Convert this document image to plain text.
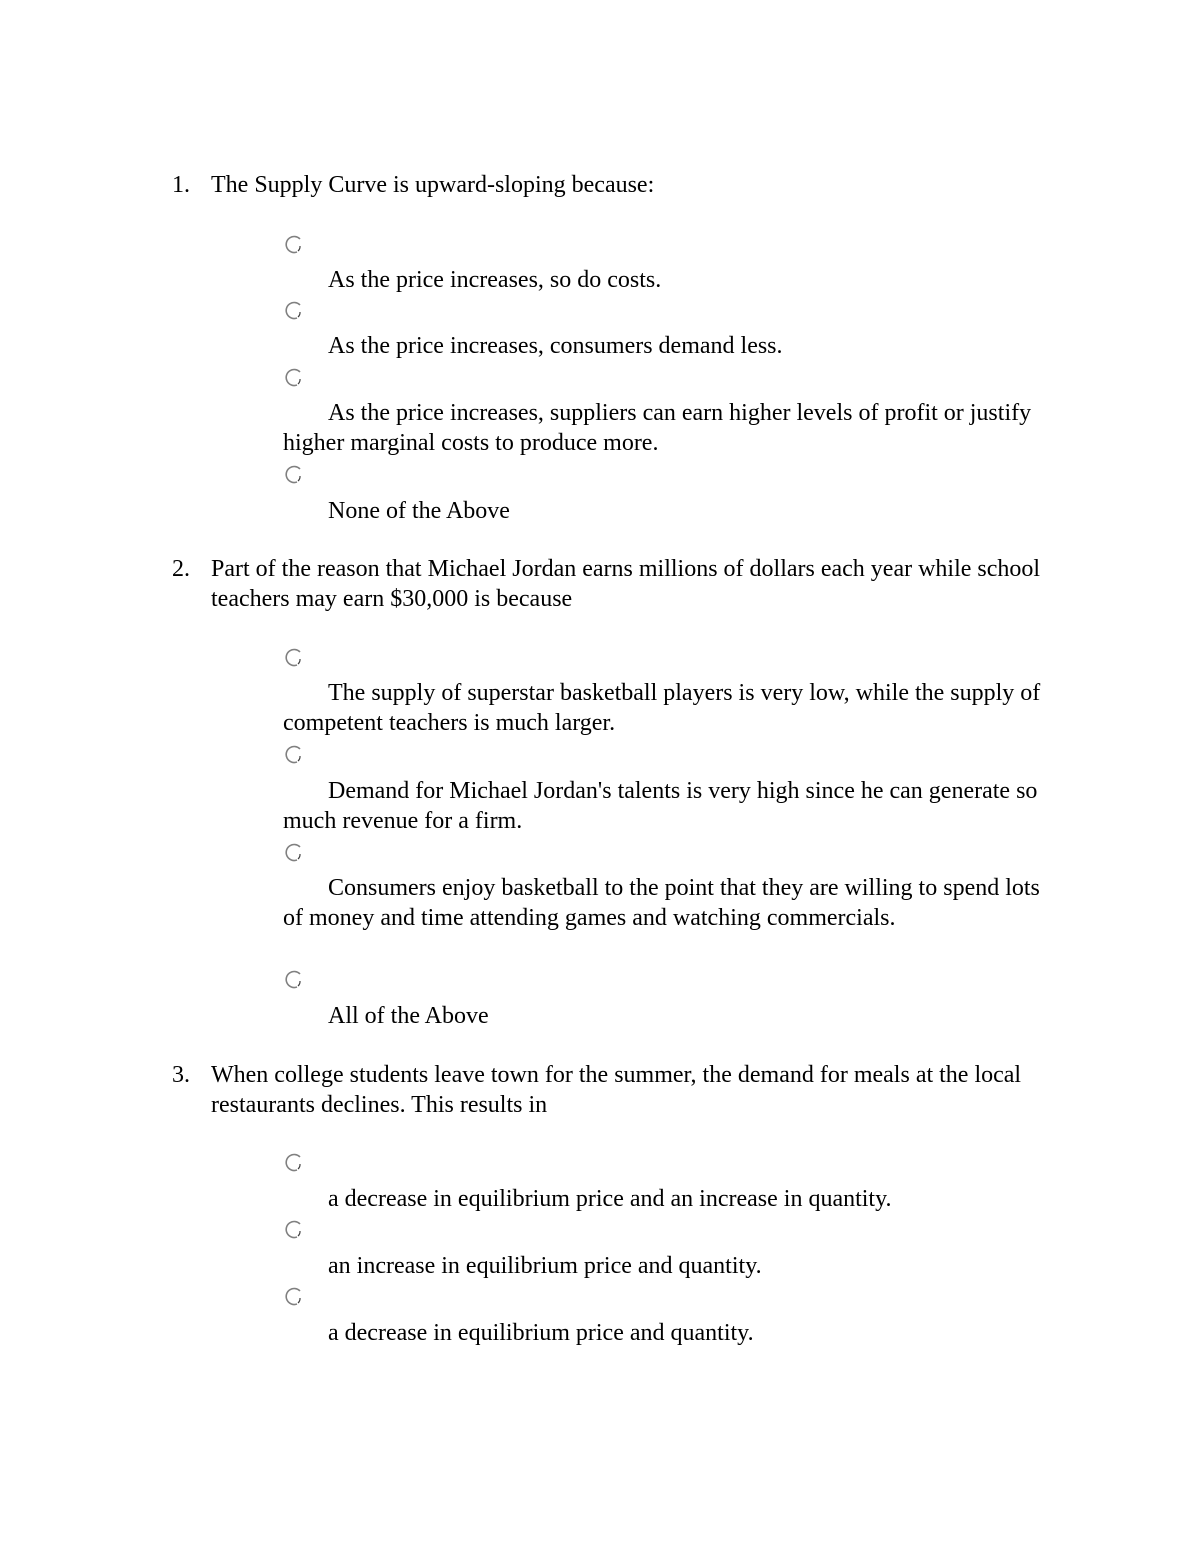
1. The Supply Curve is upward-sloping because:
As the price increases, so do costs.
As the price increases, consumers demand less.
As the price increases, suppliers can earn higher levels of profit or justify higher marginal costs to produce more.
None of the Above
2. Part of the reason that Michael Jordan earns millions of dollars each year while school teachers may earn $30,000 is because
The supply of superstar basketball players is very low, while the supply of competent teachers is much larger.
Demand for Michael Jordan's talents is very high since he can generate so much revenue for a firm.
Consumers enjoy basketball to the point that they are willing to spend lots of money and time attending games and watching commercials.
All of the Above
3. When college students leave town for the summer, the demand for meals at the local restaurants declines. This results in
a decrease in equilibrium price and an increase in quantity.
an increase in equilibrium price and quantity.
a decrease in equilibrium price and quantity.
